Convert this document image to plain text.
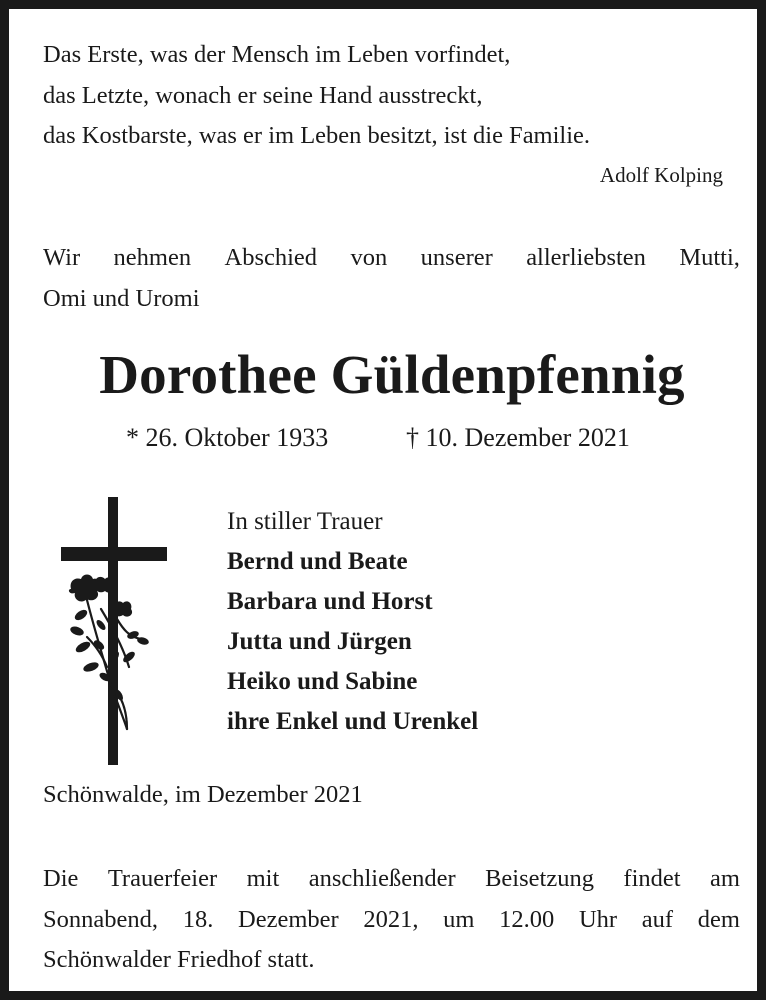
Das Erste, was der Mensch im Leben vorfindet,
das Letzte, wonach er seine Hand ausstreckt,
das Kostbarste, was er im Leben besitzt, ist die Familie.
Adolf Kolping
Wir nehmen Abschied von unserer allerliebsten Mutti,
Omi und Uromi
Dorothee Güldenpfennig
* 26. Oktober 1933	† 10. Dezember 2021
In stiller Trauer
Bernd und Beate
Barbara und Horst
Jutta und Jürgen
Heiko und Sabine
ihre Enkel und Urenkel
Schönwalde, im Dezember 2021
Die Trauerfeier mit anschließender Beisetzung findet am
Sonnabend, 18. Dezember 2021, um 12.00 Uhr auf dem
Schönwalder Friedhof statt.
